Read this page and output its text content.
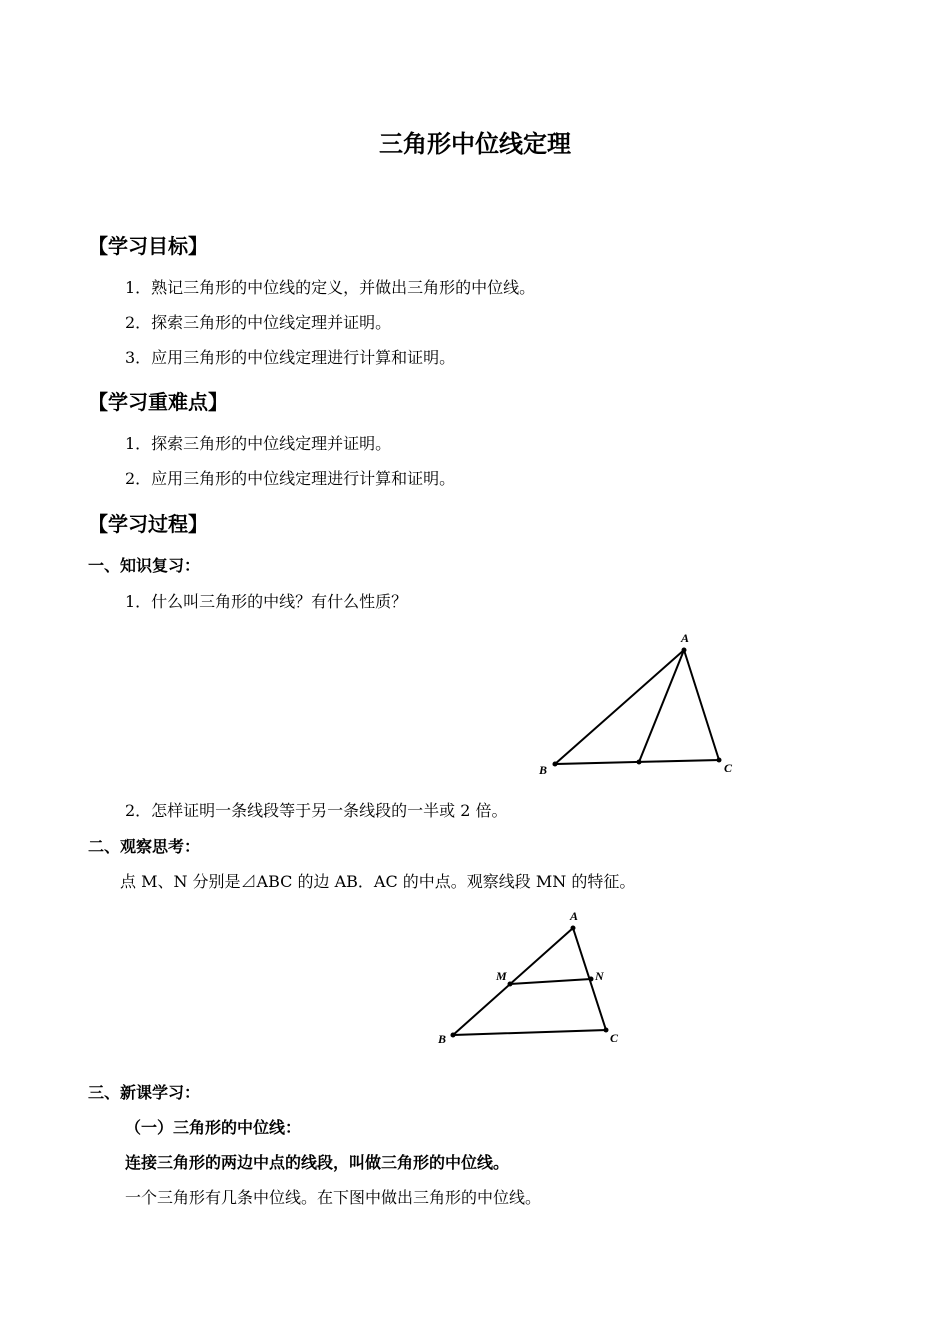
三角形中位线定理
【学习目标】
1．熟记三角形的中位线的定义，并做出三角形的中位线。
2．探索三角形的中位线定理并证明。
3．应用三角形的中位线定理进行计算和证明。
【学习重难点】
1．探索三角形的中位线定理并证明。
2．应用三角形的中位线定理进行计算和证明。
【学习过程】
一、知识复习：
1．什么叫三角形的中线？有什么性质？
A
B	C
2．怎样证明一条线段等于另一条线段的一半或 2 倍。
二、观察思考：
点 M、N 分别是⊿ABC 的边 AB．AC 的中点。观察线段 MN 的特征。
A
B	C
M	N
三、新课学习：
（一）三角形的中位线：
连接三角形的两边中点的线段，叫做三角形的中位线。
一个三角形有几条中位线。在下图中做出三角形的中位线。
